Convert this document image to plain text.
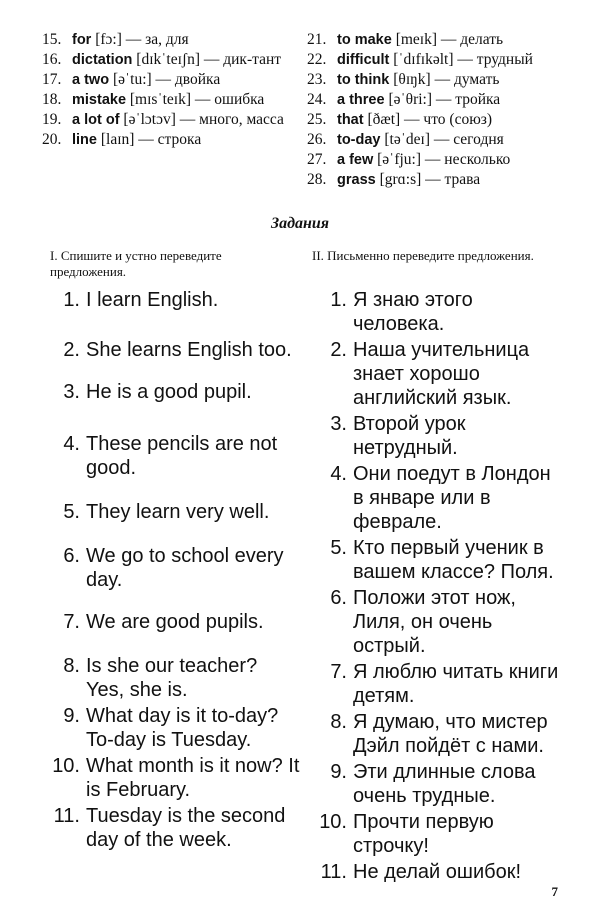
15. for [fɔ:] — за, для
16. dictation [dɪkˈteɪʃn] — дик-тант
17. a two [əˈtu:] — двойка
18. mistake [mɪsˈteɪk] — ошибка
19. a lot of [əˈlɔtɔv] — много, масса
20. line [laɪn] — строка
21. to make [meɪk] — делать
22. difficult [ˈdɪfɪkəlt] — трудный
23. to think [θɪŋk] — думать
24. a three [əˈθri:] — тройка
25. that [ðæt] — что (союз)
26. to-day [təˈdeɪ] — сегодня
27. a few [əˈfju:] — несколько
28. grass [grɑ:s] — трава
Задания
I. Спишите и устно переведите предложения.
II. Письменно переведите предложения.
1. I learn English.
2. She learns English too.
3. He is a good pupil.
4. These pencils are not good.
5. They learn very well.
6. We go to school every day.
7. We are good pupils.
8. Is she our teacher? Yes, she is.
9. What day is it to-day? To-day is Tuesday.
10. What month is it now? It is February.
11. Tuesday is the second day of the week.
1. Я знаю этого человека.
2. Наша учительница знает хорошо английский язык.
3. Второй урок нетрудный.
4. Они поедут в Лондон в январе или в феврале.
5. Кто первый ученик в вашем классе? Поля.
6. Положи этот нож, Лиля, он очень острый.
7. Я люблю читать книги детям.
8. Я думаю, что мистер Дэйл пойдёт с нами.
9. Эти длинные слова очень трудные.
10. Прочти первую строчку!
11. Не делай ошибок!
7
